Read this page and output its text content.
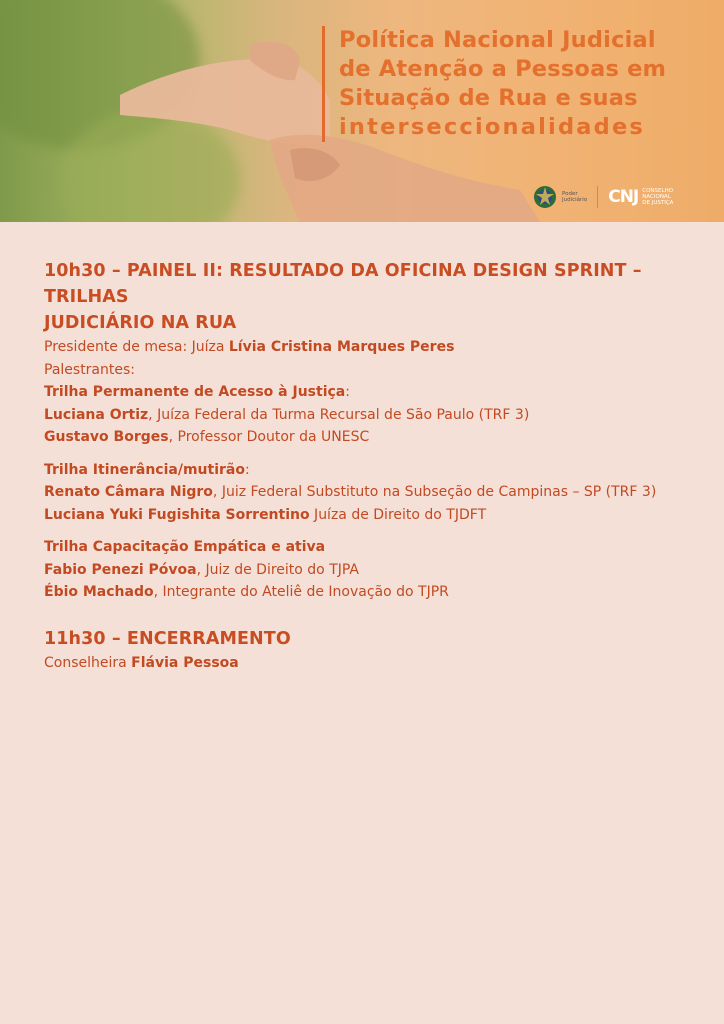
Política Nacional Judicial
de Atenção a Pessoas em
Situação de Rua e suas
interseccionalidades
Poder
Judiciário CNJ CONSELHO
NACIONAL
DE JUSTIÇA

10h30 – PAINEL II: RESULTADO DA OFICINA DESIGN SPRINT – TRILHAS

JUDICIÁRIO NA RUA

Presidente de mesa: Juíza Lívia Cristina Marques Peres

Palestrantes:

Trilha Permanente de Acesso à Justiça:

Luciana Ortiz, Juíza Federal da Turma Recursal de São Paulo (TRF 3)

Gustavo Borges, Professor Doutor da UNESC

Trilha Itinerância/mutirão:

Renato Câmara Nigro, Juiz Federal Substituto na Subseção de Campinas – SP (TRF 3)

Luciana Yuki Fugishita Sorrentino Juíza de Direito do TJDFT

Trilha Capacitação Empática e ativa

Fabio Penezi Póvoa, Juiz de Direito do TJPA

Ébio Machado, Integrante do Ateliê de Inovação do TJPR

11h30 – ENCERRAMENTO

Conselheira Flávia Pessoa
